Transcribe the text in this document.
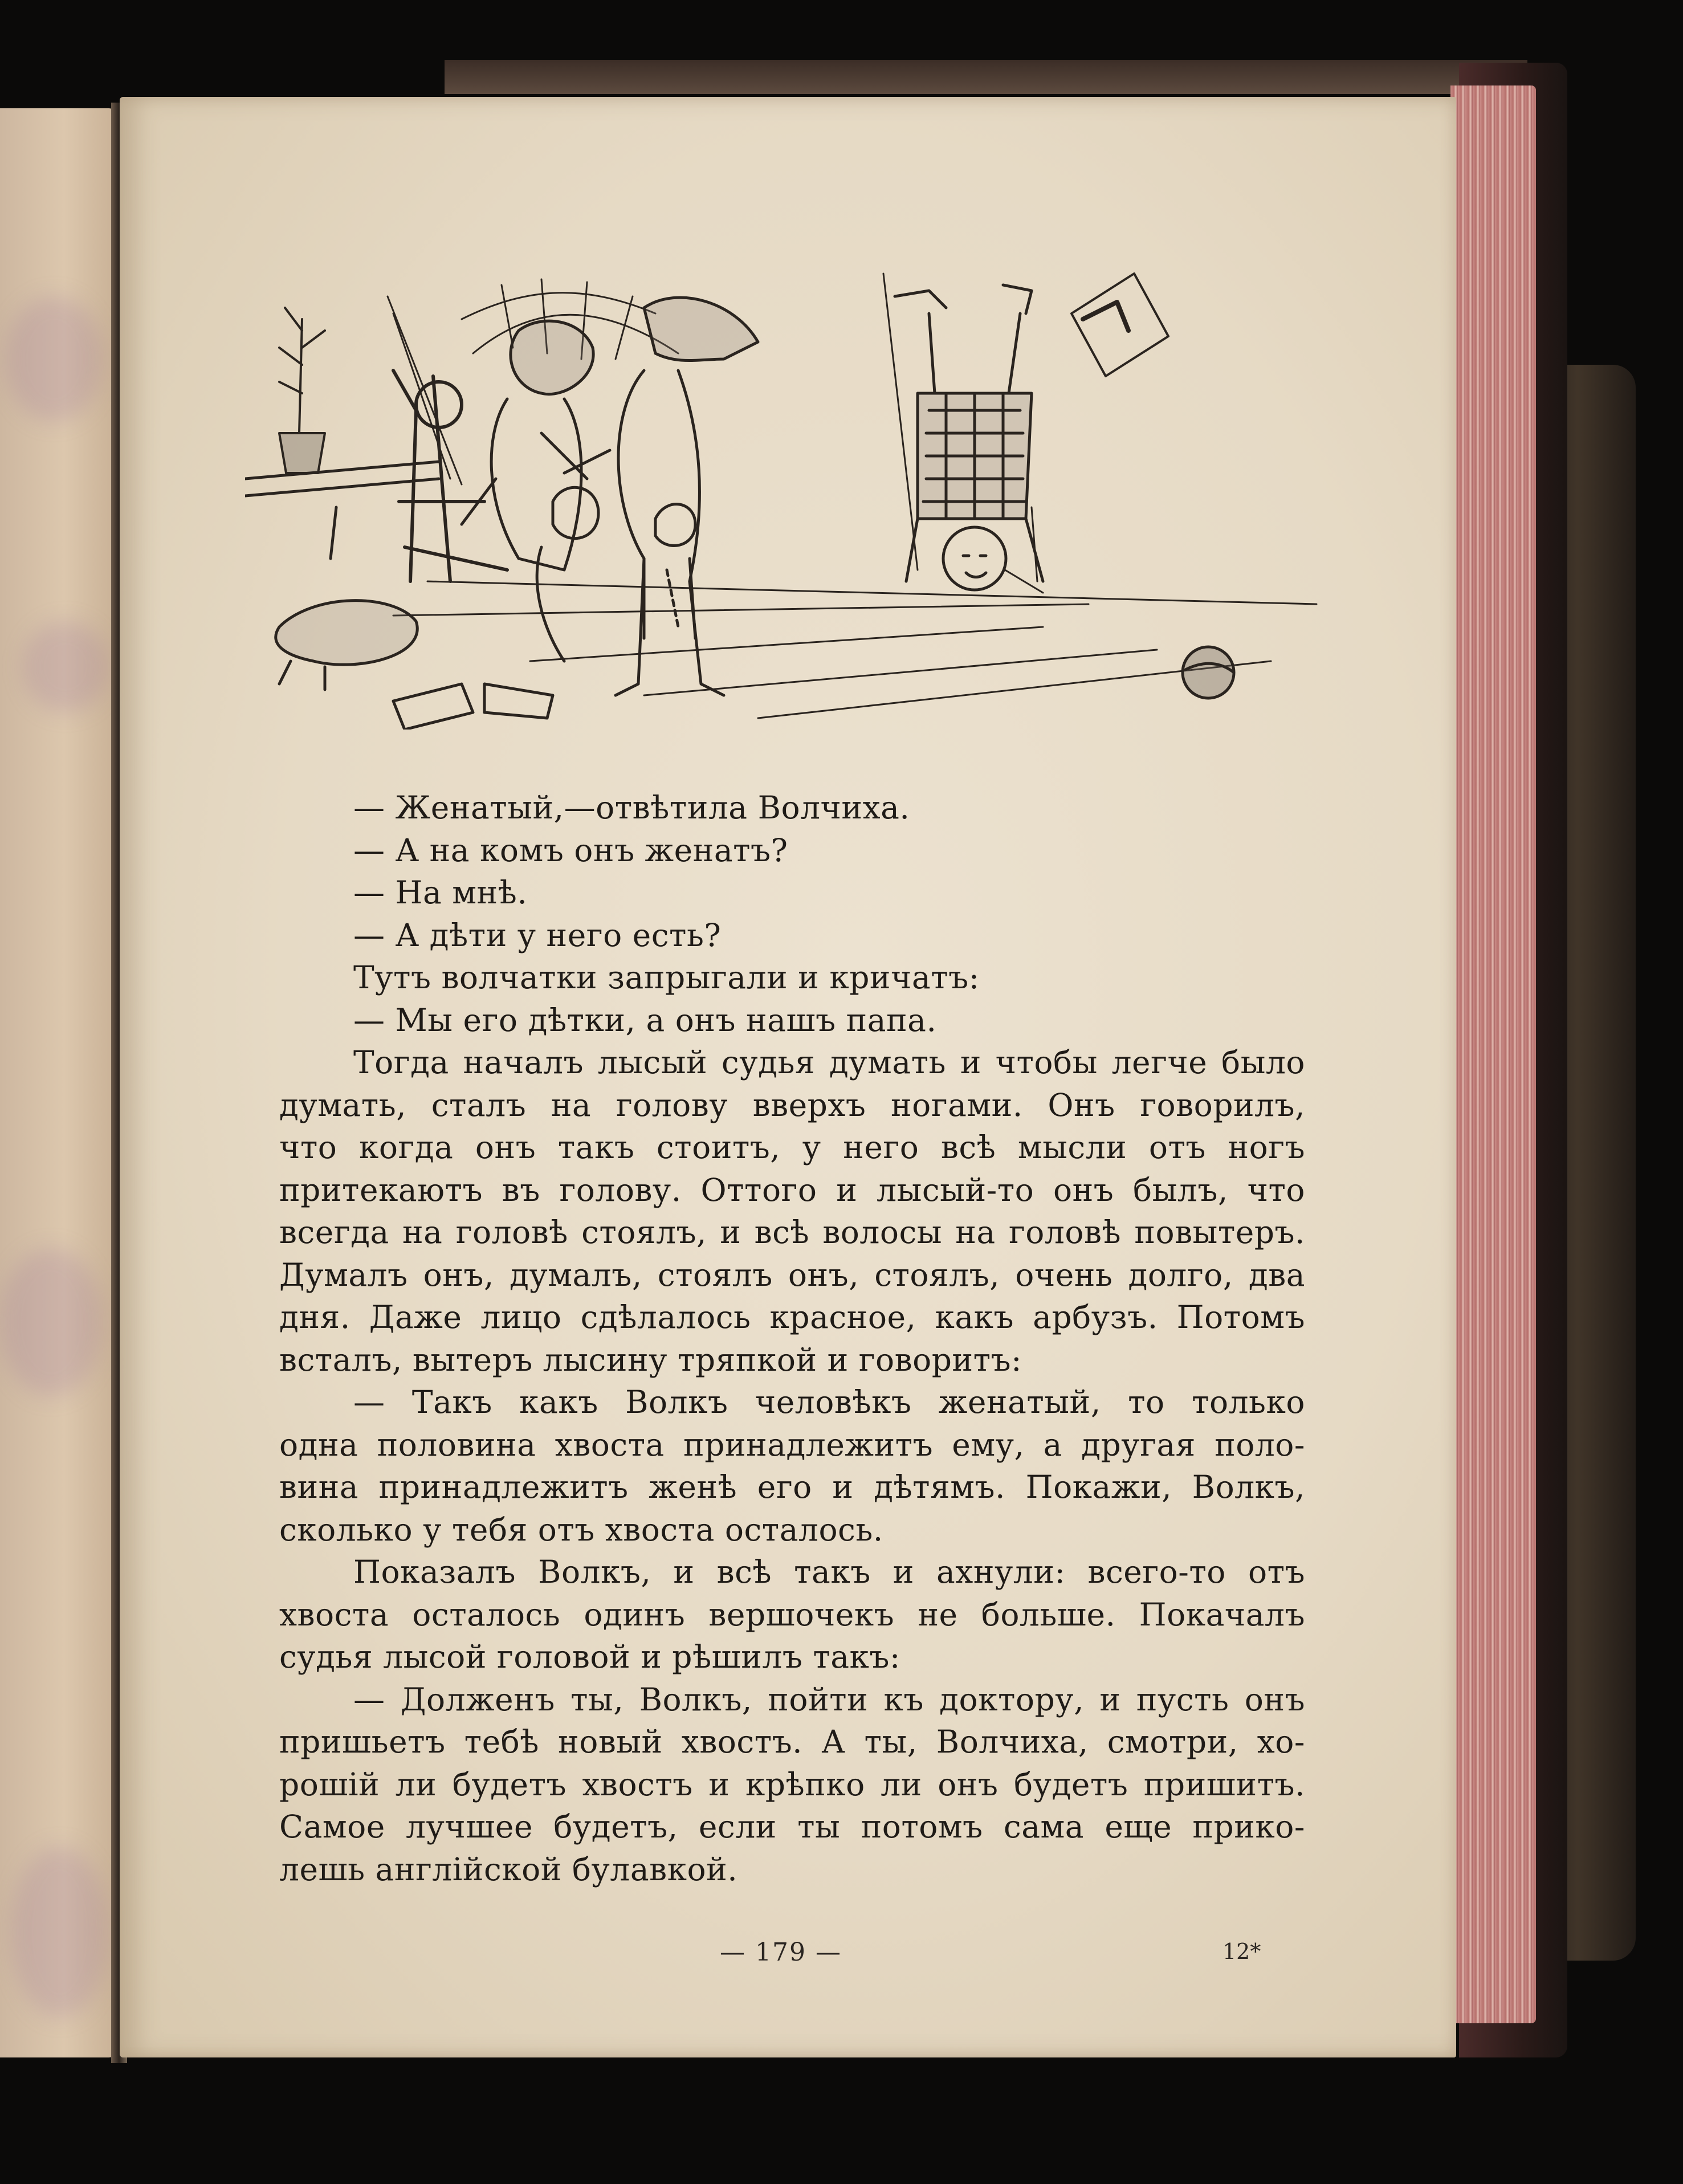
— Женатый,—отвѣтила Волчиха.
— А на комъ онъ женатъ?
— На мнѣ.
— А дѣти у него есть?
Тутъ волчатки запрыгали и кричатъ:
— Мы его дѣтки, а онъ нашъ папа.
Тогда началъ лысый судья думать и чтобы легче было
думать, сталъ на голову вверхъ ногами. Онъ говорилъ,
что когда онъ такъ стоитъ, у него всѣ мысли отъ ногъ
притекаютъ въ голову. Оттого и лысый-то онъ былъ, что
всегда на головѣ стоялъ, и всѣ волосы на головѣ повытеръ.
Думалъ онъ, думалъ, стоялъ онъ, стоялъ, очень долго, два
дня. Даже лицо сдѣлалось красное, какъ арбузъ. Потомъ
всталъ, вытеръ лысину тряпкой и говоритъ:
— Такъ какъ Волкъ человѣкъ женатый, то только
одна половина хвоста принадлежитъ ему, а другая поло-
вина принадлежитъ женѣ его и дѣтямъ. Покажи, Волкъ,
сколько у тебя отъ хвоста осталось.
Показалъ Волкъ, и всѣ такъ и ахнули: всего-то отъ
хвоста осталось одинъ вершочекъ не больше. Покачалъ
судья лысой головой и рѣшилъ такъ:
— Долженъ ты, Волкъ, пойти къ доктору, и пусть онъ
пришьетъ тебѣ новый хвостъ. А ты, Волчиха, смотри, хо-
рошій ли будетъ хвостъ и крѣпко ли онъ будетъ пришитъ.
Самое лучшее будетъ, если ты потомъ сама еще прико-
лешь англійской булавкой.
— 179 —	12*
